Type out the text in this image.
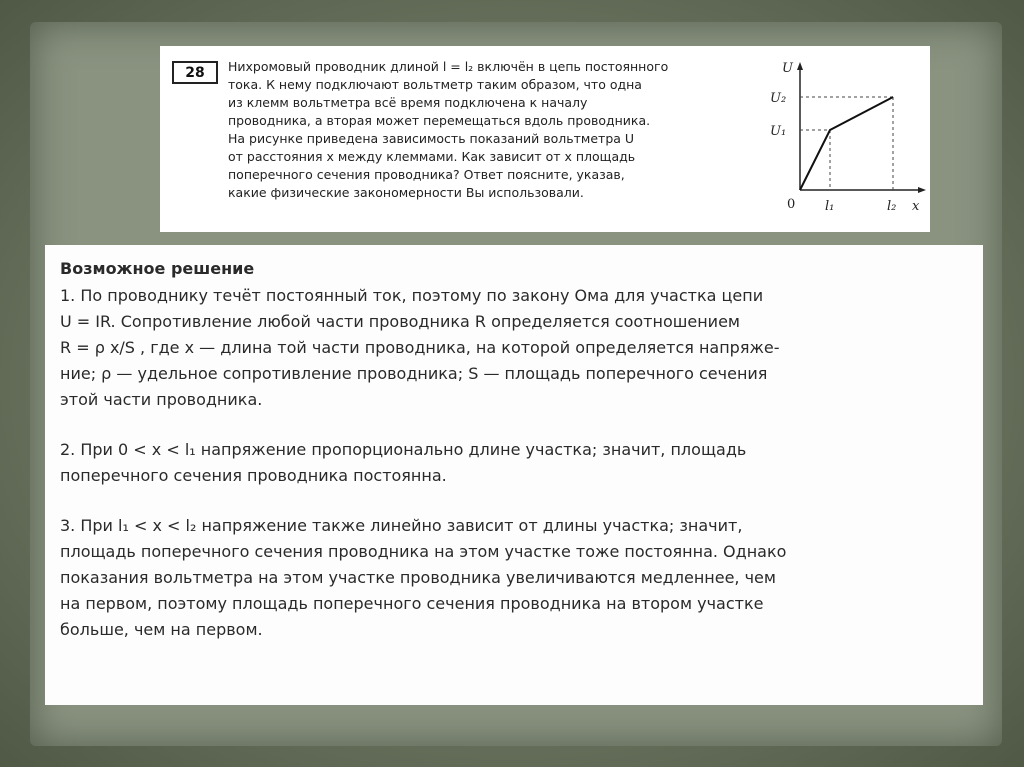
28	Нихромовый проводник длиной l = l₂ включён в цепь постоянного
тока. К нему подключают вольтметр таким образом, что одна
из клемм вольтметра всё время подключена к началу
проводника, а вторая может перемещаться вдоль проводника.
На рисунке приведена зависимость показаний вольтметра U
от расстояния x между клеммами. Как зависит от x площадь
поперечного сечения проводника? Ответ поясните, указав,
какие физические закономерности Вы использовали.
U
U₂
U₁
0 l₁	l₂ x
Возможное решение
1. По проводнику течёт постоянный ток, поэтому по закону Ома для участка цепи
U = IR. Сопротивление любой части проводника R определяется соотношением
R = ρ x/S , где x — длина той части проводника, на которой определяется напряже-
ние; ρ — удельное сопротивление проводника; S — площадь поперечного сечения
этой части проводника.
2. При 0 < x < l₁ напряжение пропорционально длине участка; значит, площадь
поперечного сечения проводника постоянна.
3. При l₁ < x < l₂ напряжение также линейно зависит от длины участка; значит,
площадь поперечного сечения проводника на этом участке тоже постоянна. Однако
показания вольтметра на этом участке проводника увеличиваются медленнее, чем
на первом, поэтому площадь поперечного сечения проводника на втором участке
больше, чем на первом.
